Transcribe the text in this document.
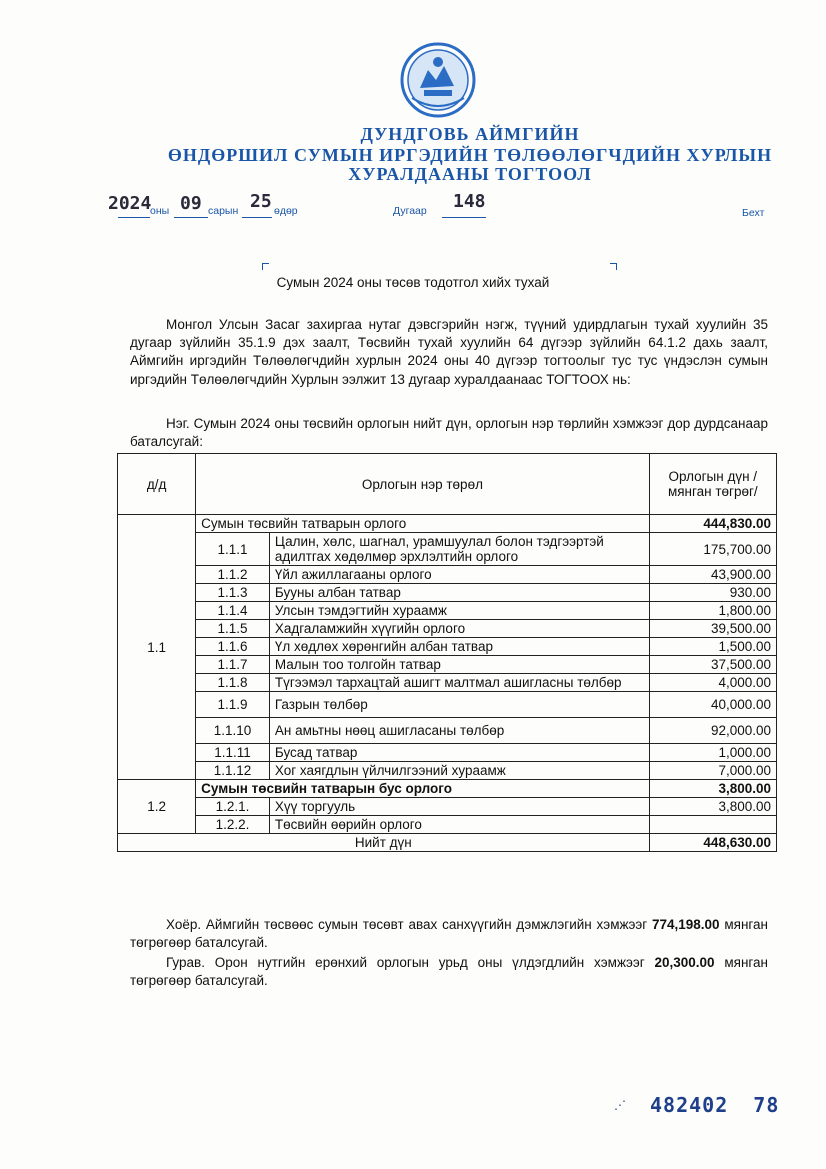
ДУНДГОВЬ АЙМГИЙН
ӨНДӨРШИЛ СУМЫН ИРГЭДИЙН ТӨЛӨӨЛӨГЧДИЙН ХУРЛЫН
ХУРАЛДААНЫ ТОГТООЛ
2024
оны 09 сарын 25 өдөр	Дугаар 148
Бехт
Сумын 2024 оны төсөв тодотгол хийх тухай
Монгол Улсын Засаг захиргаа нутаг дэвсгэрийн нэгж, түүний удирдлагын тухай хуулийн 35 дугаар зүйлийн 35.1.9 дэх заалт, Төсвийн тухай хуулийн 64 дүгээр зүйлийн 64.1.2 дахь заалт, Аймгийн иргэдийн Төлөөлөгчдийн хурлын 2024 оны 40 дүгээр тогтоолыг тус тус үндэслэн сумын иргэдийн Төлөөлөгчдийн Хурлын ээлжит 13 дугаар хуралдаанаас ТОГТООХ нь:
Нэг. Сумын 2024 оны төсвийн орлогын нийт дүн, орлогын нэр төрлийн хэмжээг дор дурдсанаар баталсугай:
д/д	Орлогын нэр төрөл		Орлогын дүн /мянган төгрөг/
1.1	Сумын төсвийн татварын орлого		444,830.00
	1.1.1	Цалин, хөлс, шагнал, урамшуулал болон тэдгээртэй адилтгах хөдөлмөр эрхлэлтийн орлого	175,700.00
	1.1.2	Үйл ажиллагааны орлого	43,900.00
	1.1.3	Бууны албан татвар	930.00
	1.1.4	Улсын тэмдэгтийн хураамж	1,800.00
	1.1.5	Хадгаламжийн хүүгийн орлого	39,500.00
	1.1.6	Үл хөдлөх хөрөнгийн албан татвар	1,500.00
	1.1.7	Малын тоо толгойн татвар	37,500.00
	1.1.8	Түгээмэл тархацтай ашигт малтмал ашигласны төлбөр	4,000.00
	1.1.9	Газрын төлбөр	40,000.00
	1.1.10	Ан амьтны нөөц ашигласаны төлбөр	92,000.00
	1.1.11	Бусад татвар	1,000.00
	1.1.12	Хог хаягдлын үйлчилгээний хураамж	7,000.00
1.2	Сумын төсвийн татварын бус орлого		3,800.00
	1.2.1.	Хүү торгууль	3,800.00
	1.2.2.	Төсвийн өөрийн орлого	
Нийт дүн			448,630.00
Хоёр. Аймгийн төсвөөс сумын төсөвт авах санхүүгийн дэмжлэгийн хэмжээг 774,198.00 мянган төгрөгөөр баталсугай.
Гурав. Орон нутгийн ерөнхий орлогын урьд оны үлдэгдлийн хэмжээг 20,300.00 мянган төгрөгөөр баталсугай.
⋰ 482402 78
